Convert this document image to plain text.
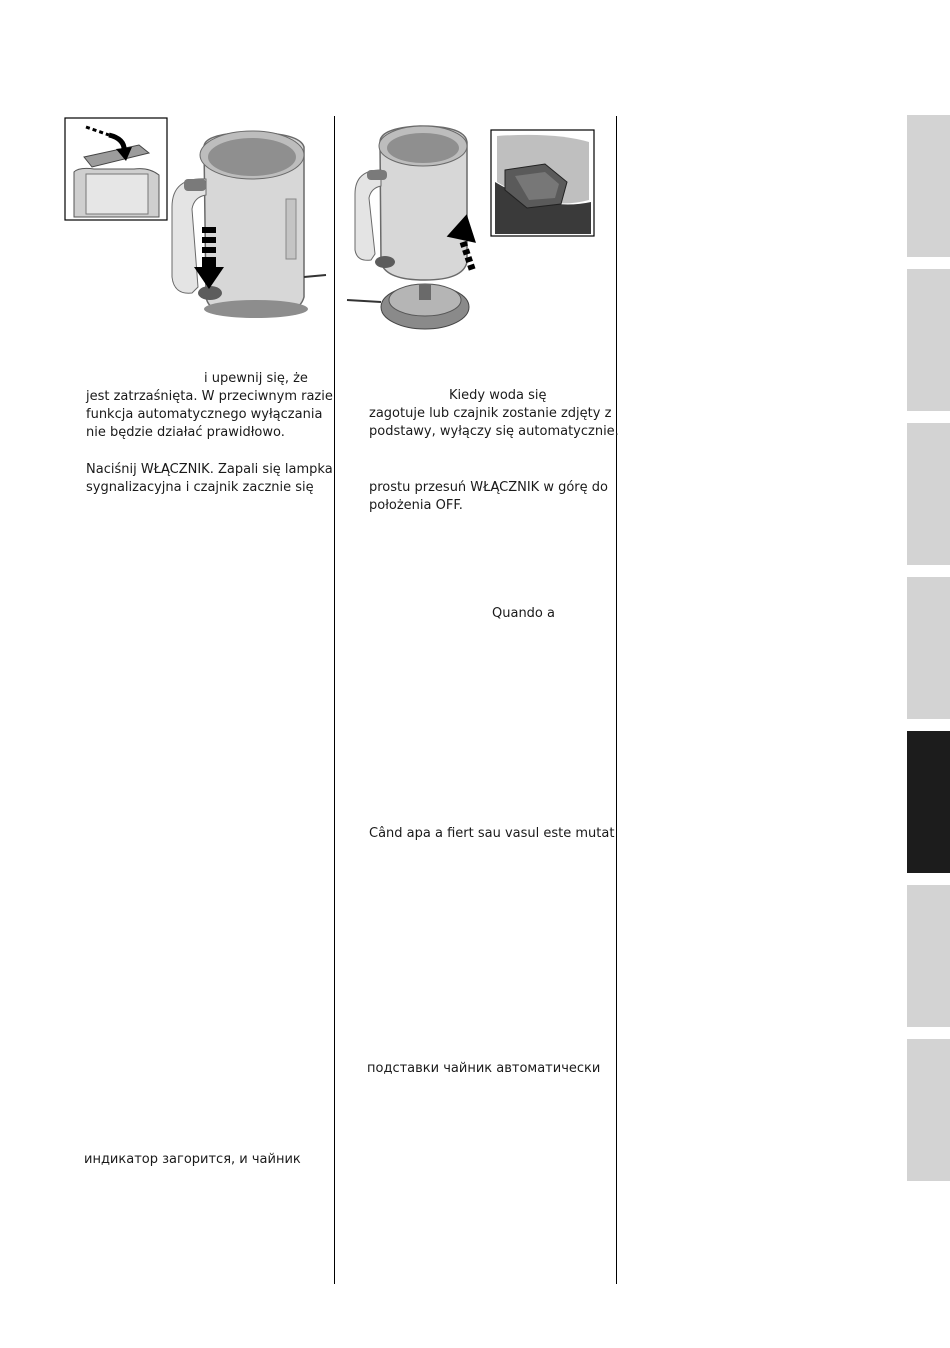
i upewnij się, że
jest zatrzaśnięta. W przeciwnym razie
funkcja automatycznego wyłączania
nie będzie działać prawidłowo.
Naciśnij WŁĄCZNIK. Zapali się lampka
sygnalizacyjna i czajnik zacznie się
индикатор загорится, и чайник
Kiedy woda się
zagotuje lub czajnik zostanie zdjęty z
podstawy, wyłączy się automatycznie.
prostu przesuń WŁĄCZNIK w górę do
położenia OFF.
Quando a
Când apa a fiert sau vasul este mutat
подставки чайник автоматически
